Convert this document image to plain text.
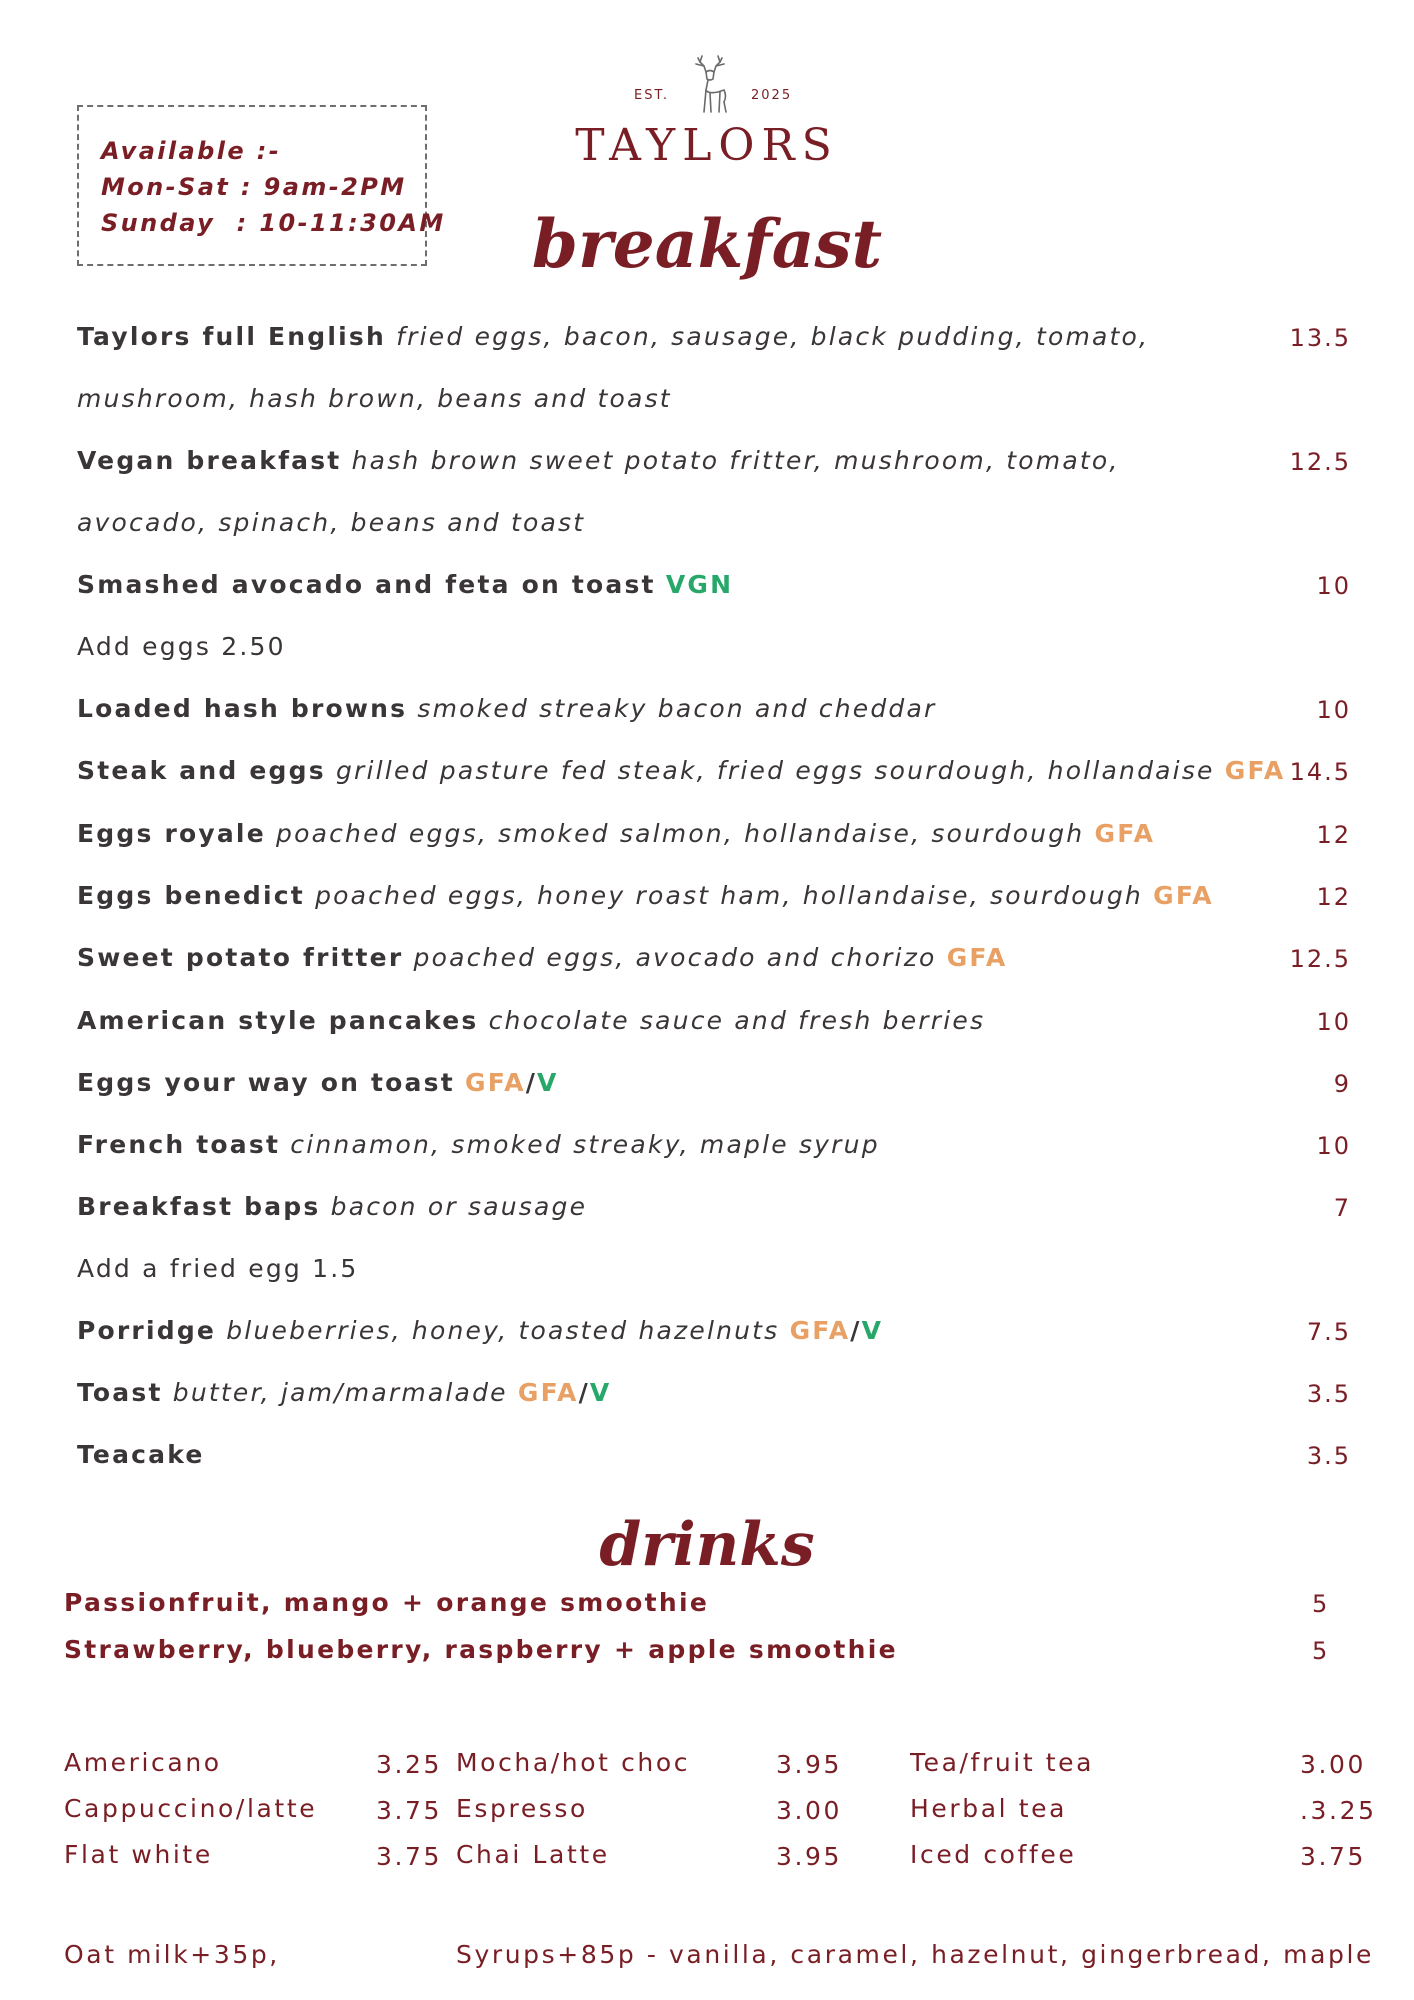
Available :-
Mon-Sat : 9am-2PM
Sunday  : 10-11:30AM
EST.	2025
TAYLORS
breakfast
Taylors full English fried eggs, bacon, sausage, black pudding, tomato,	13.5
mushroom, hash brown, beans and toast
Vegan breakfast hash brown sweet potato fritter, mushroom, tomato,	12.5
avocado, spinach, beans and toast
Smashed avocado and feta on toast VGN	10
Add eggs 2.50
Loaded hash browns smoked streaky bacon and cheddar	10
Steak and eggs grilled pasture fed steak, fried eggs sourdough, hollandaise GFA 14.5
Eggs royale poached eggs, smoked salmon, hollandaise, sourdough GFA	12
Eggs benedict poached eggs, honey roast ham, hollandaise, sourdough GFA	12
Sweet potato fritter poached eggs, avocado and chorizo GFA	12.5
American style pancakes chocolate sauce and fresh berries	10
Eggs your way on toast GFA/V	9
French toast cinnamon, smoked streaky, maple syrup	10
Breakfast baps bacon or sausage	7
Add a fried egg 1.5
Porridge blueberries, honey, toasted hazelnuts GFA/V	7.5
Toast butter, jam/marmalade GFA/V	3.5
Teacake	3.5
drinks
Passionfruit, mango + orange smoothie	5
Strawberry, blueberry, raspberry + apple smoothie	5
Americano	3.25
Cappuccino/latte 3.75
Flat white	3.75
Mocha/hot choc	3.95
Espresso	3.00
Chai Latte	3.95
Tea/fruit tea	3.00
Herbal tea	.3.25
Iced coffee	3.75
Oat milk+35p,	Syrups+85p - vanilla, caramel, hazelnut, gingerbread, maple
